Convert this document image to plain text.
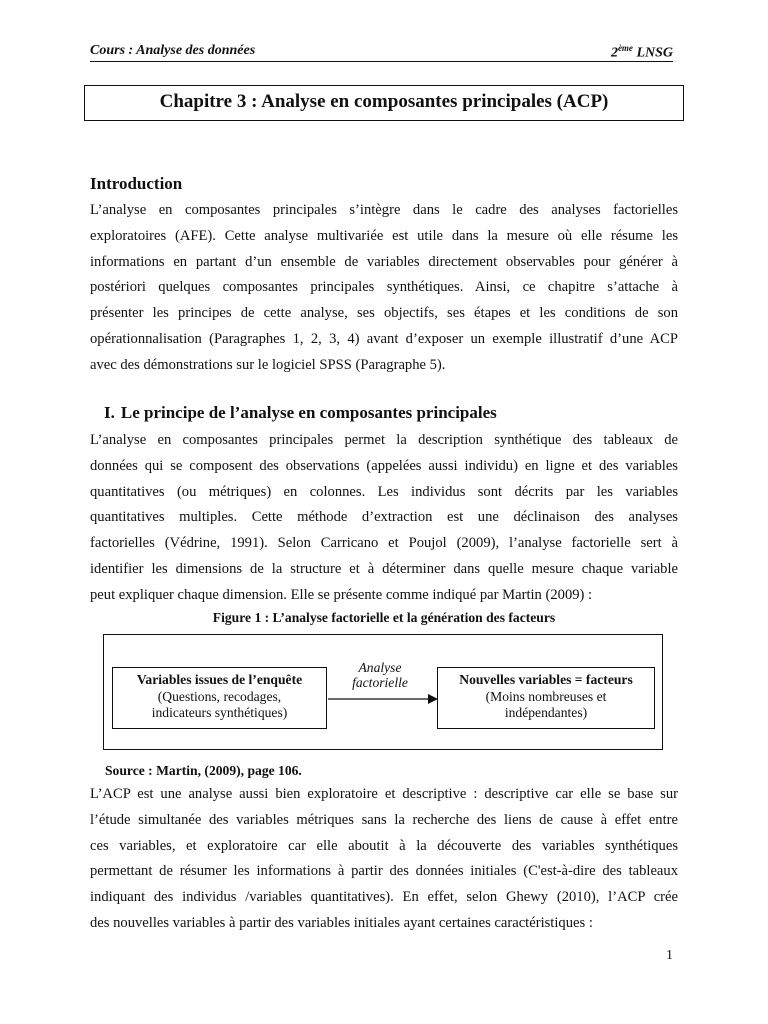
Cours : Analyse des données	2ème LNSG
Chapitre 3 : Analyse en composantes principales (ACP)
Introduction
L’analyse en composantes principales s’intègre dans le cadre des analyses factorielles
exploratoires (AFE). Cette analyse multivariée est utile dans la mesure où elle résume les
informations en partant d’un ensemble de variables directement observables pour générer à
postériori quelques composantes principales synthétiques. Ainsi, ce chapitre s’attache à
présenter les principes de cette analyse, ses objectifs, ses étapes et les conditions de son
opérationnalisation (Paragraphes 1, 2, 3, 4) avant d’exposer un exemple illustratif d’une ACP
avec des démonstrations sur le logiciel SPSS (Paragraphe 5).
I. Le principe de l’analyse en composantes principales
L’analyse en composantes principales permet la description synthétique des tableaux de
données qui se composent des observations (appelées aussi individu) en ligne et des variables
quantitatives (ou métriques) en colonnes. Les individus sont décrits par les variables
quantitatives multiples. Cette méthode d’extraction est une déclinaison des analyses
factorielles (Védrine, 1991). Selon Carricano et Poujol (2009), l’analyse factorielle sert à
identifier les dimensions de la structure et à déterminer dans quelle mesure chaque variable
peut expliquer chaque dimension. Elle se présente comme indiqué par Martin (2009) :
Figure 1 : L’analyse factorielle et la génération des facteurs
Variables issues de l’enquête
(Questions, recodages,
indicateurs synthétiques)
Analyse
factorielle	Nouvelles variables = facteurs
(Moins nombreuses et
indépendantes)
Source : Martin, (2009), page 106.
L’ACP est une analyse aussi bien exploratoire et descriptive : descriptive car elle se base sur
l’étude simultanée des variables métriques sans la recherche des liens de cause à effet entre
ces variables, et exploratoire car elle aboutit à la découverte des variables synthétiques
permettant de résumer les informations à partir des données initiales (C'est-à-dire des tableaux
indiquant des individus /variables quantitatives). En effet, selon Ghewy (2010), l’ACP crée
des nouvelles variables à partir des variables initiales ayant certaines caractéristiques :
1
